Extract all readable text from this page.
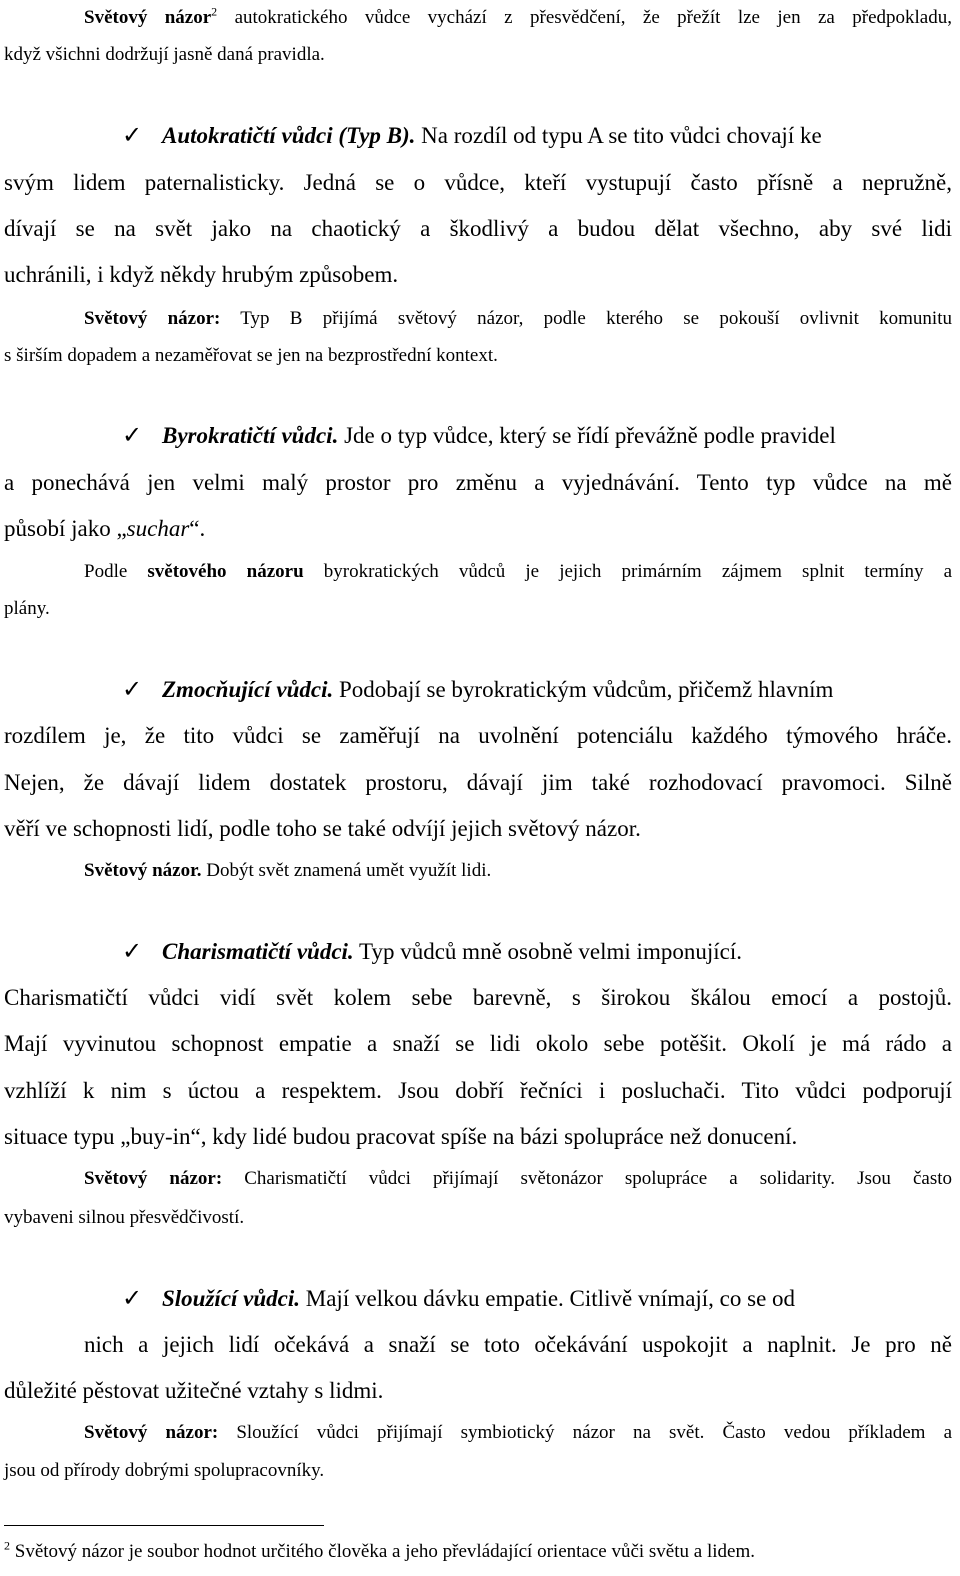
Světový názor$^2$ autokratického vůdce vychází z přesvědčení, že přežít lze jen za předpokladu,
když všichni dodržují jasně daná pravidla.
✓ Autokratičtí vůdci (Typ B). Na rozdíl od typu A se tito vůdci chovají ke
svým lidem paternalisticky. Jedná se o vůdce, kteří vystupují často přísně a nepružně,
dívají se na svět jako na chaotický a škodlivý a budou dělat všechno, aby své lidi
uchránili, i když někdy hrubým způsobem.
Světový názor: Typ B přijímá světový názor, podle kterého se pokouší ovlivnit komunitu
s širším dopadem a nezaměřovat se jen na bezprostřední kontext.
✓ Byrokratičtí vůdci. Jde o typ vůdce, který se řídí převážně podle pravidel
a ponechává jen velmi malý prostor pro změnu a vyjednávání. Tento typ vůdce na mě
působí jako „suchar“.
Podle světového názoru byrokratických vůdců je jejich primárním zájmem splnit termíny a
plány.
✓ Zmocňující vůdci. Podobají se byrokratickým vůdcům, přičemž hlavním
rozdílem je, že tito vůdci se zaměřují na uvolnění potenciálu každého týmového hráče.
Nejen, že dávají lidem dostatek prostoru, dávají jim také rozhodovací pravomoci. Silně
věří ve schopnosti lidí, podle toho se také odvíjí jejich světový názor.
Světový názor. Dobýt svět znamená umět využít lidi.
✓ Charismatičtí vůdci. Typ vůdců mně osobně velmi imponující.
Charismatičtí vůdci vidí svět kolem sebe barevně, s širokou škálou emocí a postojů.
Mají vyvinutou schopnost empatie a snaží se lidi okolo sebe potěšit. Okolí je má rádo a
vzhlíží k nim s úctou a respektem. Jsou dobří řečníci i posluchači. Tito vůdci podporují
situace typu „buy-in“, kdy lidé budou pracovat spíše na bázi spolupráce než donucení.
Světový názor: Charismatičtí vůdci přijímají světonázor spolupráce a solidarity. Jsou často
vybaveni silnou přesvědčivostí.
✓ Sloužící vůdci. Mají velkou dávku empatie. Citlivě vnímají, co se od
nich a jejich lidí očekává a snaží se toto očekávání uspokojit a naplnit. Je pro ně
důležité pěstovat užitečné vztahy s lidmi.
Světový názor: Sloužící vůdci přijímají symbiotický názor na svět. Často vedou příkladem a
jsou od přírody dobrými spolupracovníky.
$^2$ Světový názor je soubor hodnot určitého člověka a jeho převládající orientace vůči světu a lidem.
